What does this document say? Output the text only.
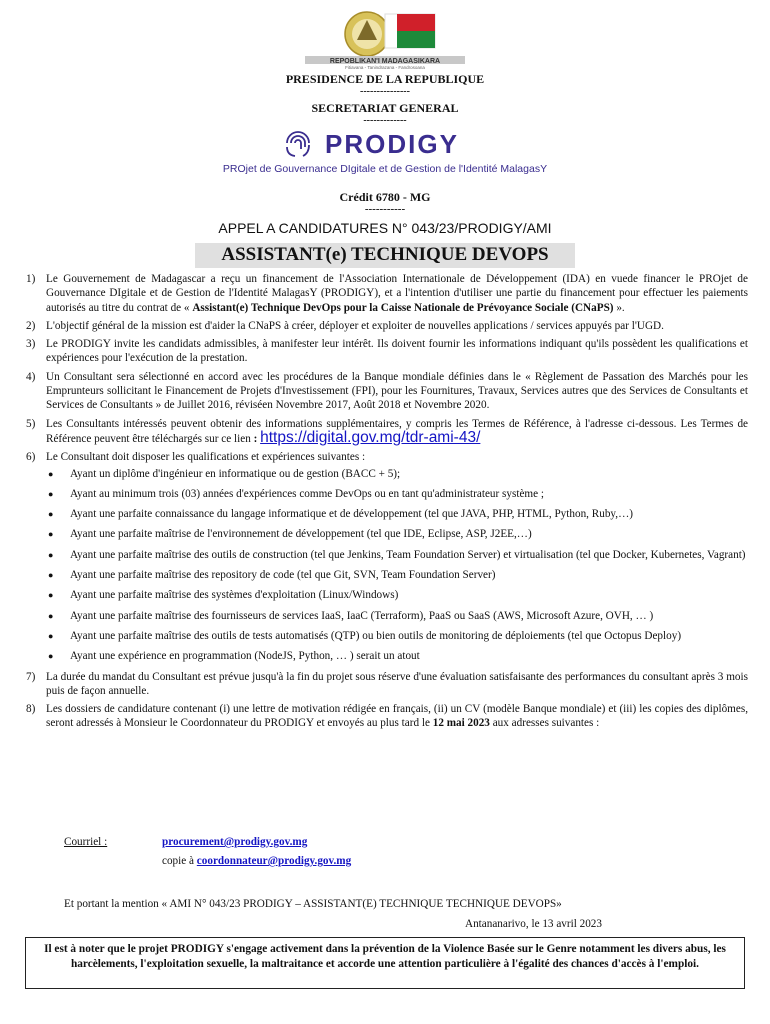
REPOBLIKAN'I MADAGASIKARA
Fitiavana - Tanindrazana - Fandrosoana
PRESIDENCE DE LA REPUBLIQUE
---------------
SECRETARIAT GENERAL
-------------
PRODIGY
PROjet de Gouvernance DIgitale et de Gestion de l'Identité MalagasY
Crédit 6780 - MG
-----------
APPEL A CANDIDATURES N° 043/23/PRODIGY/AMI
ASSISTANT(e) TECHNIQUE DEVOPS
1) Le Gouvernement de Madagascar a reçu un financement de l'Association Internationale de Développement (IDA) en vuede financer le PROjet de Gouvernance DIgitale et de Gestion de l'Identité MalagasY (PRODIGY), et a l'intention d'utiliser une partie du financement pour effectuer les paiements autorisés au titre du contrat de « Assistant(e) Technique DevOps pour la Caisse Nationale de Prévoyance Sociale (CNaPS) ».
2) L'objectif général de la mission est d'aider la CNaPS à créer, déployer et exploiter de nouvelles applications / services appuyés par l'UGD.
3) Le PRODIGY invite les candidats admissibles, à manifester leur intérêt. Ils doivent fournir les informations indiquant qu'ils possèdent les qualifications et expériences pour l'exécution de la prestation.
4) Un Consultant sera sélectionné en accord avec les procédures de la Banque mondiale définies dans le « Règlement de Passation des Marchés pour les Emprunteurs sollicitant le Financement de Projets d'Investissement (FPI), pour les Fournitures, Travaux, Services autres que des Services de Consultants et Services de Consultants » de Juillet 2016, réviséen Novembre 2017, Août 2018 et Novembre 2020.
5) Les Consultants intéressés peuvent obtenir des informations supplémentaires, y compris les Termes de Référence, à l'adresse ci-dessous. Les Termes de Référence peuvent être téléchargés sur ce lien : https://digital.gov.mg/tdr-ami-43/
6) Le Consultant doit disposer les qualifications et expériences suivantes :
● Ayant un diplôme d'ingénieur en informatique ou de gestion (BACC + 5);
● Ayant au minimum trois (03) années d'expériences comme DevOps ou en tant qu'administrateur système ;
● Ayant une parfaite connaissance du langage informatique et de développement (tel que JAVA, PHP, HTML, Python, Ruby,…)
● Ayant une parfaite maîtrise de l'environnement de développement (tel que IDE, Eclipse, ASP, J2EE,…)
● Ayant une parfaite maîtrise des outils de construction (tel que Jenkins, Team Foundation Server) et virtualisation (tel que Docker, Kubernetes, Vagrant)
● Ayant une parfaite maîtrise des repository de code (tel que Git, SVN, Team Foundation Server)
● Ayant une parfaite maîtrise des systèmes d'exploitation (Linux/Windows)
● Ayant une parfaite maîtrise des fournisseurs de services IaaS, IaaC (Terraform), PaaS ou SaaS (AWS, Microsoft Azure, OVH, … )
● Ayant une parfaite maîtrise des outils de tests automatisés (QTP) ou bien outils de monitoring de déploiements (tel que Octopus Deploy)
● Ayant une expérience en programmation (NodeJS, Python, … ) serait un atout
7) La durée du mandat du Consultant est prévue jusqu'à la fin du projet sous réserve d'une évaluation satisfaisante des performances du consultant après 3 mois puis de façon annuelle.
8) Les dossiers de candidature contenant (i) une lettre de motivation rédigée en français, (ii) un CV (modèle Banque mondiale) et (iii) les copies des diplômes, seront adressés à Monsieur le Coordonnateur du PRODIGY et envoyés au plus tard le 12 mai 2023 aux adresses suivantes :
Courriel :	procurement@prodigy.gov.mg
copie à coordonnateur@prodigy.gov.mg
Et portant la mention « AMI N° 043/23 PRODIGY – ASSISTANT(E) TECHNIQUE TECHNIQUE DEVOPS»
Antananarivo, le 13 avril 2023
Il est à noter que le projet PRODIGY s'engage activement dans la prévention de la Violence Basée sur le Genre notamment les divers abus, les harcèlements, l'exploitation sexuelle, la maltraitance et accorde une attention particulière à l'égalité des chances d'accès à l'emploi.
